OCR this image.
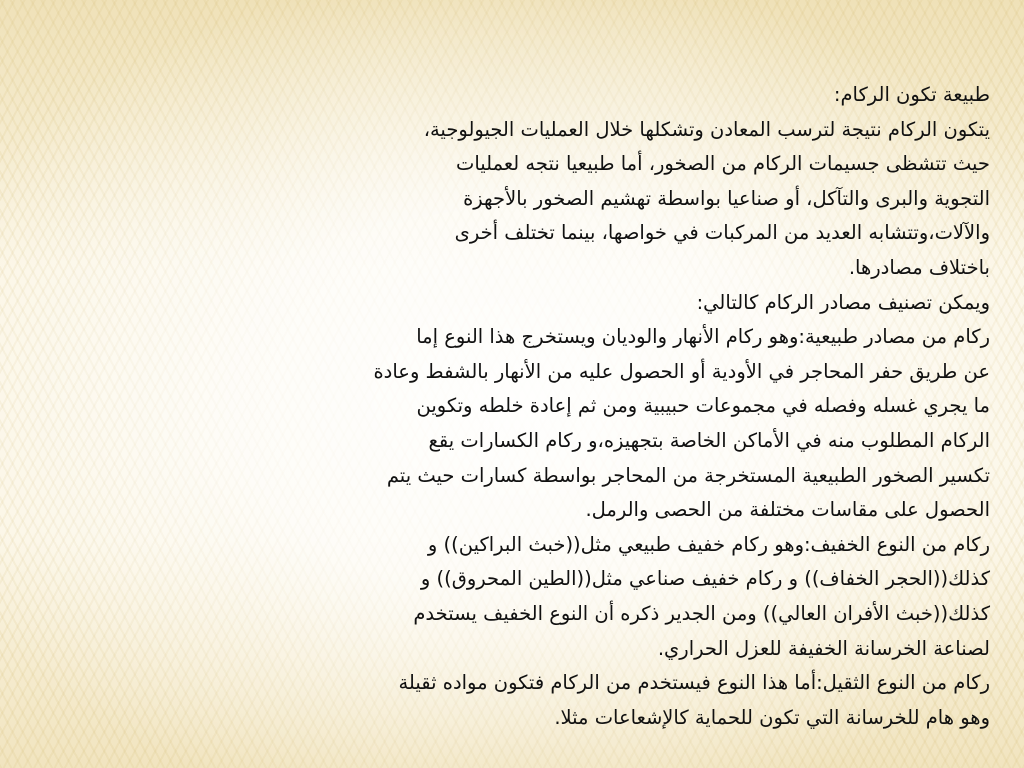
طبيعة تكون الركام:
يتكون الركام نتيجة لترسب المعادن وتشكلها خلال العمليات الجيولوجية،
حيث تتشظى جسيمات الركام من الصخور، أما طبيعيا نتجه لعمليات
التجوية والبرى والتآكل، أو صناعيا بواسطة تهشيم الصخور بالأجهزة
والآلات،وتتشابه العديد من المركبات في خواصها، بينما تختلف أخرى
باختلاف مصادرها.
ويمكن تصنيف مصادر الركام كالتالي:
ركام من مصادر طبيعية:وهو ركام الأنهار والوديان ويستخرج هذا النوع إما
عن طريق حفر المحاجر في الأودية أو الحصول عليه من الأنهار بالشفط وعادة
ما يجري غسله وفصله في مجموعات حبيبية ومن ثم إعادة خلطه وتكوين
الركام المطلوب منه في الأماكن الخاصة بتجهيزه،و ركام الكسارات يقع
تكسير الصخور الطبيعية المستخرجة من المحاجر بواسطة كسارات حيث يتم
الحصول على مقاسات مختلفة من الحصى والرمل.
ركام من النوع الخفيف:وهو ركام خفيف طبيعي مثل((خبث البراكين)) و
كذلك((الحجر الخفاف)) و ركام خفيف صناعي مثل((الطين المحروق)) و
كذلك((خبث الأفران العالي)) ومن الجدير ذكره أن النوع الخفيف يستخدم
لصناعة الخرسانة الخفيفة للعزل الحراري.
ركام من النوع الثقيل:أما هذا النوع فيستخدم من الركام فتكون مواده ثقيلة
وهو هام للخرسانة التي تكون للحماية كالإشعاعات مثلا.
